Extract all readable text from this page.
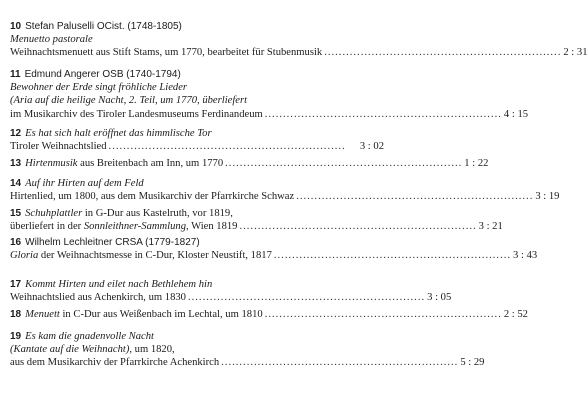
10 Stefan Paluselli OCist. (1748-1805)
Menuetto pastorale
Weihnachtsmenuett aus Stift Stams, um 1770, bearbeitet für Stubenmusik ................................................................. 2 : 31
11 Edmund Angerer OSB (1740-1794)
Bewohner der Erde singt fröhliche Lieder
(Aria auf die heilige Nacht, 2. Teil, um 1770, überliefert
im Musikarchiv des Tiroler Landesmuseums Ferdinandeum ................................................................. 4 : 15
12 Es hat sich halt eröffnet das himmlische Tor
Tiroler Weihnachtslied .................................................................	3 : 02
13 Hirtenmusik aus Breitenbach am Inn, um 1770 ................................................................. 1 : 22
14 Auf ihr Hirten auf dem Feld
Hirtenlied, um 1800, aus dem Musikarchiv der Pfarrkirche Schwaz ................................................................. 3 : 19
15 Schuhplattler in G-Dur aus Kastelruth, vor 1819,
überliefert in der Sonnleithner-Sammlung, Wien 1819 ................................................................. 3 : 21
16 Wilhelm Lechleitner CRSA (1779-1827)
Gloria der Weihnachtsmesse in C-Dur, Kloster Neustift, 1817 ................................................................. 3 : 43
17 Kommt Hirten und eilet nach Bethlehem hin
Weihnachtslied aus Achenkirch, um 1830 ................................................................. 3 : 05
18 Menuett in C-Dur aus Weißenbach im Lechtal, um 1810 ................................................................. 2 : 52
19 Es kam die gnadenvolle Nacht
(Kantate auf die Weihnacht), um 1820,
aus dem Musikarchiv der Pfarrkirche Achenkirch ................................................................. 5 : 29
